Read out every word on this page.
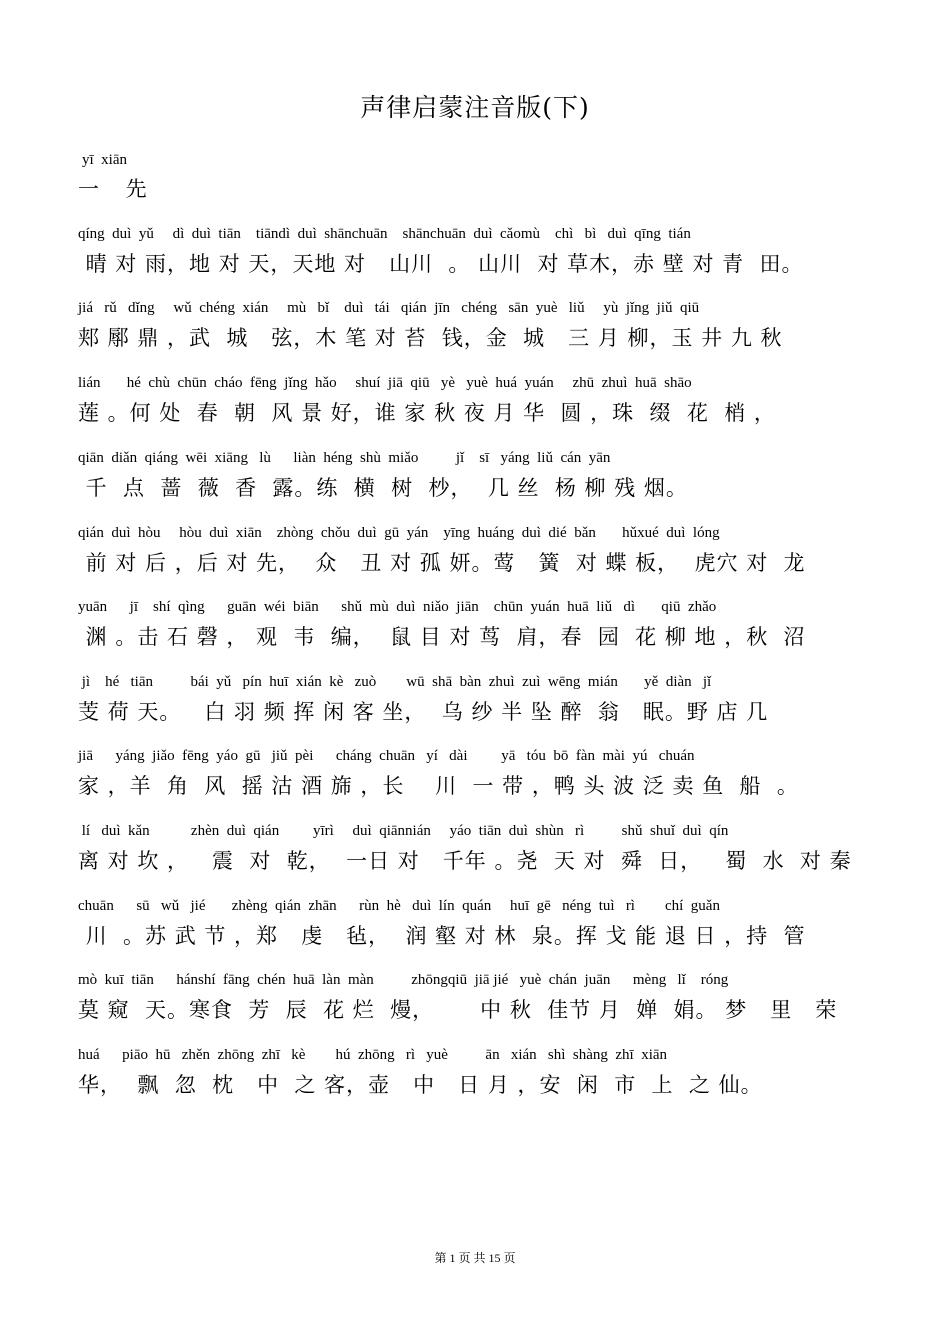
声律启蒙注音版(下)
yī  xiān
一 先
qíng  duì  yǔ     dì  duì  tiān    tiāndì  duì  shānchuān    shānchuān  duì  cǎomù    chì   bì   duì  qīng  tián
晴 对 雨，地 对 天，天地 对   山川  。 山川  对 草木，赤 壁 对 青  田。
jiá   rǔ   dǐng     wǔ  chéng  xián     mù   bǐ    duì   tái   qián  jīn   chéng   sān  yuè   liǔ     yù  jǐng  jiǔ  qiū
郏 鄏 鼎 ，武  城   弦，木 笔 对 苔  钱，金  城   三 月 柳，玉 井 九 秋
lián       hé  chù  chūn  cháo  fēng  jǐng  hǎo     shuí  jiā  qiū   yè   yuè  huá  yuán     zhū  zhuì  huā  shāo
莲 。何 处  春  朝  风 景 好，谁 家 秋 夜 月 华  圆 ，珠  缀  花  梢 ，
qiān  diǎn  qiáng  wēi  xiāng   lù      liàn  héng  shù  miǎo          jǐ    sī   yáng  liǔ  cán  yān
千  点  蔷  薇  香  露。练  横  树  杪，  几 丝  杨 柳 残 烟。
qián  duì  hòu     hòu  duì  xiān    zhòng  chǒu  duì  gū  yán    yīng  huáng  duì  dié  bǎn       hǔxué  duì  lóng
前 对 后 ，后 对 先，  众   丑 对 孤 妍。莺   簧  对 蝶 板，  虎穴 对  龙
yuān      jī    shí  qìng      guān  wéi  biān      shǔ  mù  duì  niǎo  jiān    chūn  yuán  huā  liǔ   dì       qiū  zhǎo
渊 。击 石 磬 ， 观  韦  编，  鼠 目 对 茑  肩，春  园  花 柳 地 ，秋  沼
jì    hé   tiān          bái  yǔ   pín  huī  xián  kè   zuò        wū  shā  bàn  zhuì  zuì  wēng  mián       yě  diàn   jǐ
芰 荷 天。   白 羽 频 挥 闲 客 坐，  乌 纱 半 坠 醉  翁   眠。野 店 几
jiā      yáng  jiǎo  fēng  yáo  gū   jiǔ  pèi      cháng  chuān   yí   dài         yā   tóu  bō  fàn  mài  yú   chuán
家 ，羊  角  风  摇 沽 酒 旆 ，长    川  一 带 ，鸭 头 波 泛 卖 鱼  船  。
lí   duì  kǎn           zhèn  duì  qián         yīrì     duì  qiānnián     yáo  tiān  duì  shùn   rì          shǔ  shuǐ  duì  qín
离 对 坎 ，   震  对  乾，  一日 对   千年 。尧  天 对  舜  日，   蜀  水  对 秦
chuān      sū   wǔ   jié       zhèng  qián  zhān      rùn  hè   duì  lín  quán     huī  gē   néng  tuì   rì        chí  guǎn
川  。苏 武 节 ，郑   虔   毡，  润 壑 对 林  泉。挥 戈 能 退 日 ，持  管
mò  kuī  tiān      hánshí  fāng  chén  huā  làn  màn          zhōngqiū  jiā jié   yuè  chán  juān      mèng   lǐ    róng
莫 窥  天。寒食  芳  辰  花 烂  熳，      中 秋  佳节 月  婵  娟。 梦   里   荣
huá      piāo  hū   zhěn  zhōng  zhī   kè        hú  zhōng   rì   yuè          ān   xián   shì  shàng  zhī  xiān
华，  飘  忽  枕   中  之 客，壶   中   日 月 ，安  闲  市  上  之 仙。
第 1 页 共 15 页
